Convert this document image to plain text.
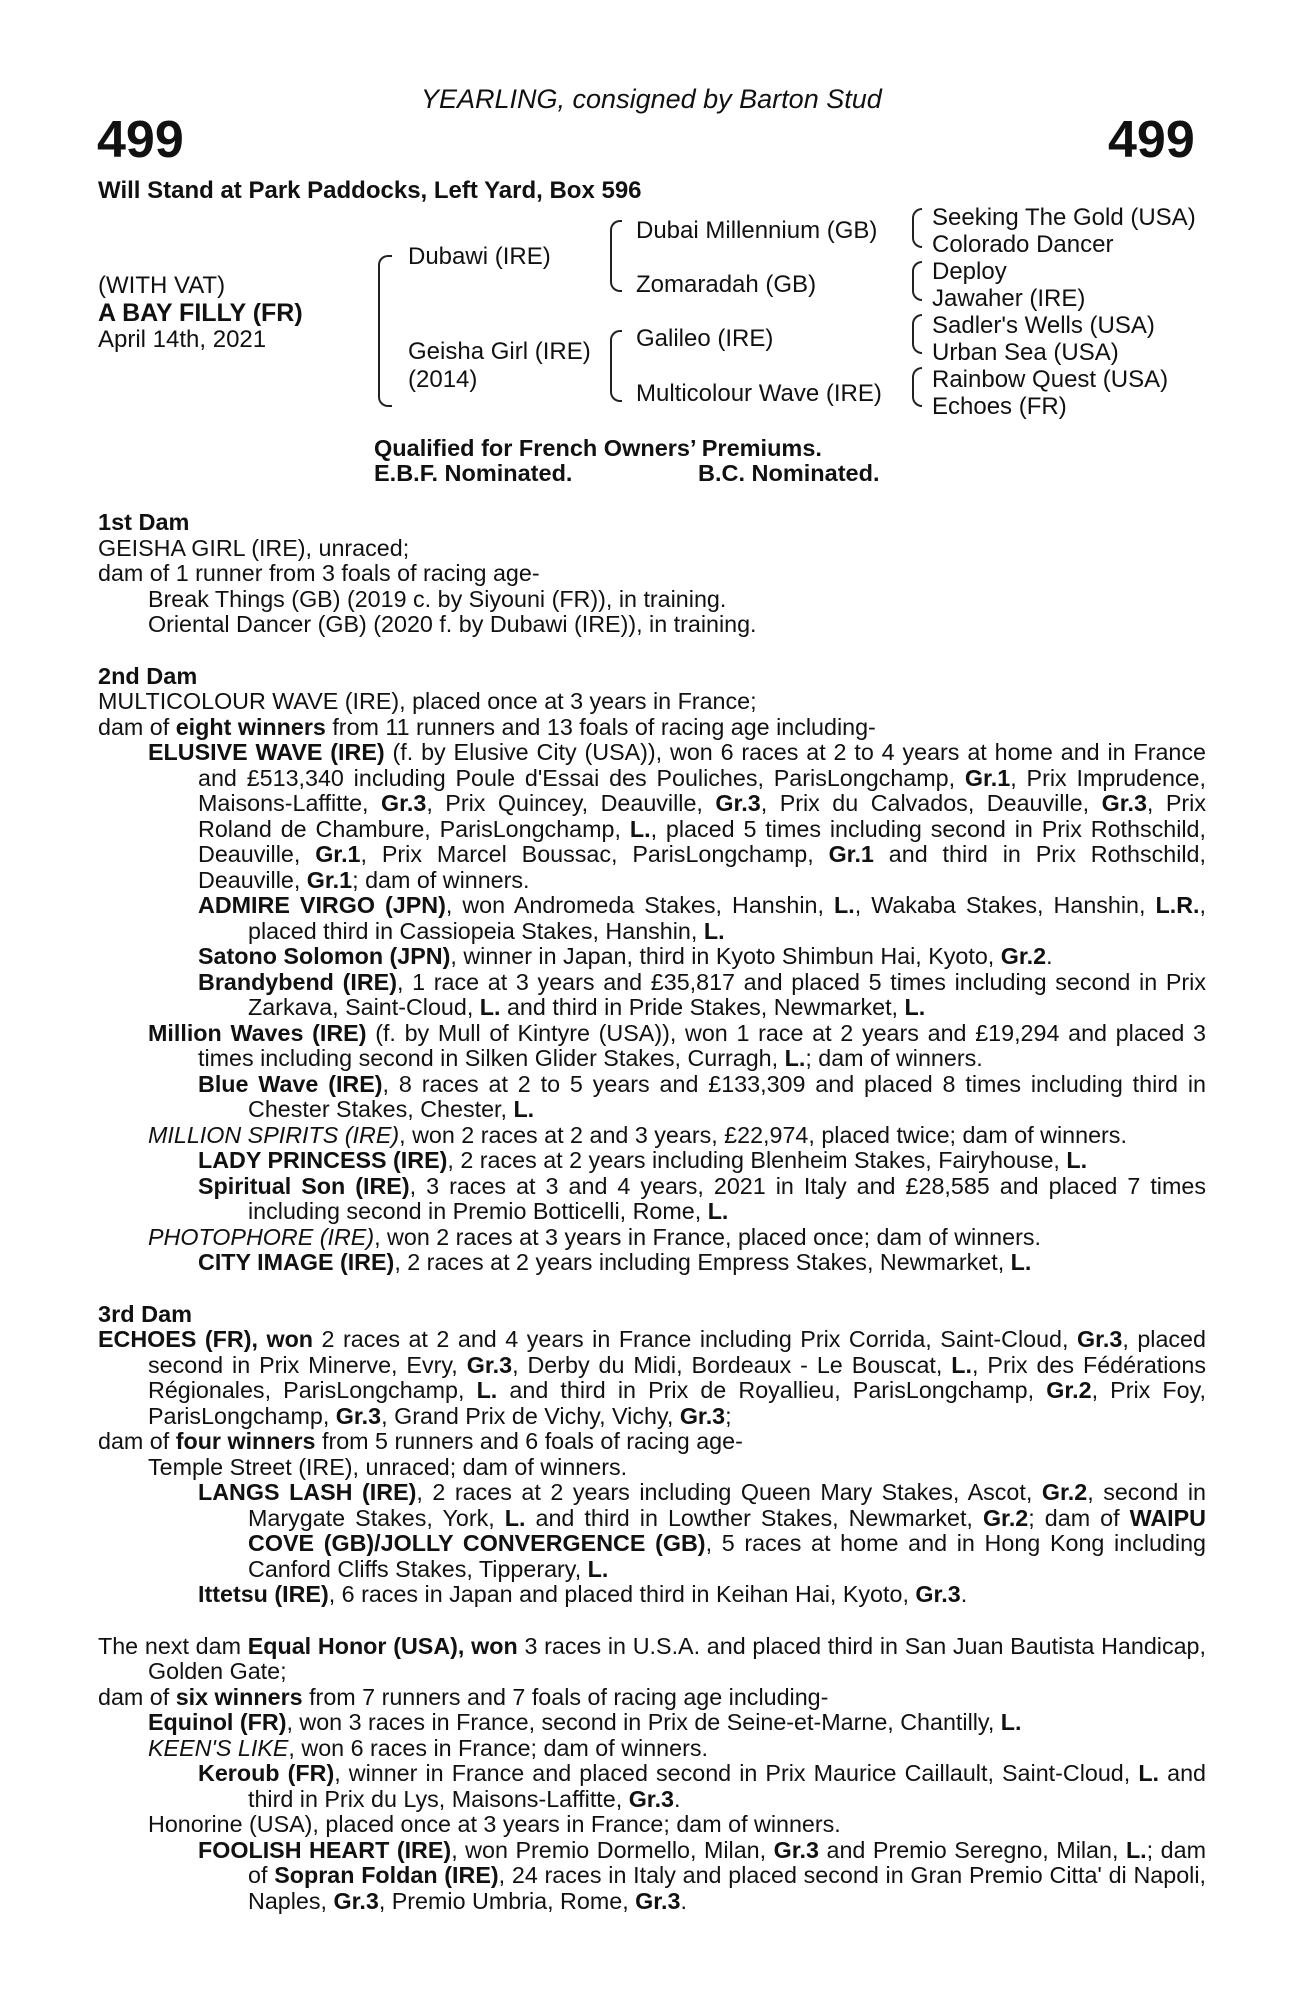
YEARLING, consigned by Barton Stud
499	499
Will Stand at Park Paddocks, Left Yard, Box 596
(WITH VAT)
A BAY FILLY (FR)
April 14th, 2021
Dubawi (IRE)
Geisha Girl (IRE)
(2014)
Dubai Millennium (GB)
Zomaradah (GB)
Galileo (IRE)
Multicolour Wave (IRE)
Seeking The Gold (USA)
Colorado Dancer
Deploy
Jawaher (IRE)
Sadler's Wells (USA)
Urban Sea (USA)
Rainbow Quest (USA)
Echoes (FR)
Qualified for French Owners’ Premiums.
E.B.F. Nominated.	B.C. Nominated.

1st Dam

GEISHA GIRL (IRE), unraced;

dam of 1 runner from 3 foals of racing age-

Break Things (GB) (2019 c. by Siyouni (FR)), in training.

Oriental Dancer (GB) (2020 f. by Dubawi (IRE)), in training.

2nd Dam

MULTICOLOUR WAVE (IRE), placed once at 3 years in France;

dam of eight winners from 11 runners and 13 foals of racing age including-

ELUSIVE WAVE (IRE) (f. by Elusive City (USA)), won 6 races at 2 to 4 years at home and in France and £513,340 including Poule d'Essai des Pouliches, ParisLongchamp, Gr.1, Prix Imprudence, Maisons-Laffitte, Gr.3, Prix Quincey, Deauville, Gr.3, Prix du Calvados, Deauville, Gr.3, Prix Roland de Chambure, ParisLongchamp, L., placed 5 times including second in Prix Rothschild, Deauville, Gr.1, Prix Marcel Boussac, ParisLongchamp, Gr.1 and third in Prix Rothschild, Deauville, Gr.1; dam of winners.

ADMIRE VIRGO (JPN), won Andromeda Stakes, Hanshin, L., Wakaba Stakes, Hanshin, L.R., placed third in Cassiopeia Stakes, Hanshin, L.

Satono Solomon (JPN), winner in Japan, third in Kyoto Shimbun Hai, Kyoto, Gr.2.

Brandybend (IRE), 1 race at 3 years and £35,817 and placed 5 times including second in Prix Zarkava, Saint-Cloud, L. and third in Pride Stakes, Newmarket, L.

Million Waves (IRE) (f. by Mull of Kintyre (USA)), won 1 race at 2 years and £19,294 and placed 3 times including second in Silken Glider Stakes, Curragh, L.; dam of winners.

Blue Wave (IRE), 8 races at 2 to 5 years and £133,309 and placed 8 times including third in Chester Stakes, Chester, L.

MILLION SPIRITS (IRE), won 2 races at 2 and 3 years, £22,974, placed twice; dam of winners.

LADY PRINCESS (IRE), 2 races at 2 years including Blenheim Stakes, Fairyhouse, L.

Spiritual Son (IRE), 3 races at 3 and 4 years, 2021 in Italy and £28,585 and placed 7 times including second in Premio Botticelli, Rome, L.

PHOTOPHORE (IRE), won 2 races at 3 years in France, placed once; dam of winners.

CITY IMAGE (IRE), 2 races at 2 years including Empress Stakes, Newmarket, L.

3rd Dam

ECHOES (FR), won 2 races at 2 and 4 years in France including Prix Corrida, Saint-Cloud, Gr.3, placed second in Prix Minerve, Evry, Gr.3, Derby du Midi, Bordeaux - Le Bouscat, L., Prix des Fédérations Régionales, ParisLongchamp, L. and third in Prix de Royallieu, ParisLongchamp, Gr.2, Prix Foy, ParisLongchamp, Gr.3, Grand Prix de Vichy, Vichy, Gr.3;

dam of four winners from 5 runners and 6 foals of racing age-

Temple Street (IRE), unraced; dam of winners.

LANGS LASH (IRE), 2 races at 2 years including Queen Mary Stakes, Ascot, Gr.2, second in Marygate Stakes, York, L. and third in Lowther Stakes, Newmarket, Gr.2; dam of WAIPU COVE (GB)/JOLLY CONVERGENCE (GB), 5 races at home and in Hong Kong including Canford Cliffs Stakes, Tipperary, L.

Ittetsu (IRE), 6 races in Japan and placed third in Keihan Hai, Kyoto, Gr.3.

The next dam Equal Honor (USA), won 3 races in U.S.A. and placed third in San Juan Bautista Handicap, Golden Gate;

dam of six winners from 7 runners and 7 foals of racing age including-

Equinol (FR), won 3 races in France, second in Prix de Seine-et-Marne, Chantilly, L.

KEEN'S LIKE, won 6 races in France; dam of winners.

Keroub (FR), winner in France and placed second in Prix Maurice Caillault, Saint-Cloud, L. and third in Prix du Lys, Maisons-Laffitte, Gr.3.

Honorine (USA), placed once at 3 years in France; dam of winners.

FOOLISH HEART (IRE), won Premio Dormello, Milan, Gr.3 and Premio Seregno, Milan, L.; dam of Sopran Foldan (IRE), 24 races in Italy and placed second in Gran Premio Citta' di Napoli, Naples, Gr.3, Premio Umbria, Rome, Gr.3.
